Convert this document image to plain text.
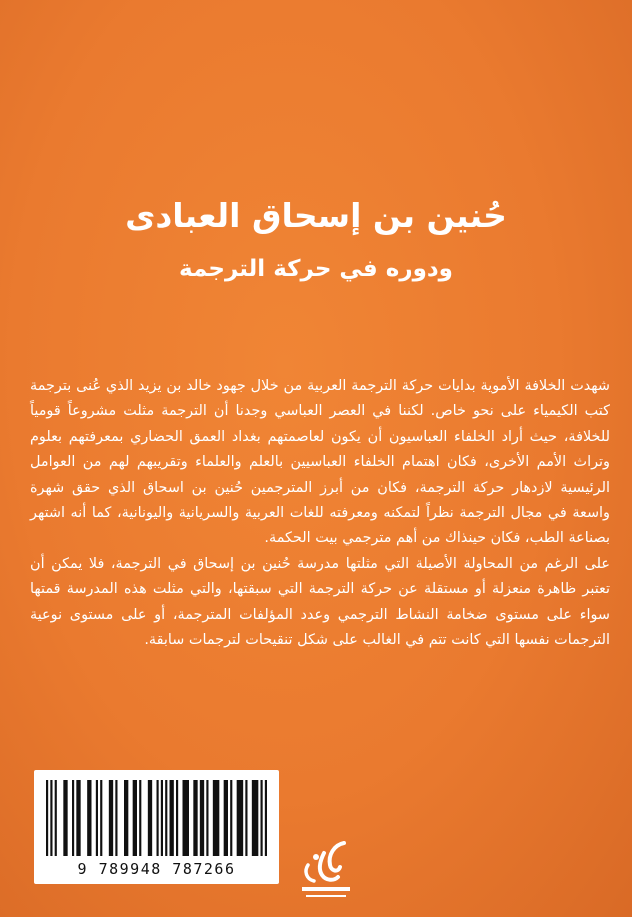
حُنين بن إسحاق العبادى
ودوره في حركة الترجمة

شهدت الخلافة الأموية بدايات حركة الترجمة العربية من خلال جهود خالد بن يزيد الذي عُنى بترجمة كتب الكيمياء على نحو خاص. لكننا في العصر العباسي وجدنا أن الترجمة مثلت مشروعاً قومياً للخلافة، حيث أراد الخلفاء العباسيون أن يكون لعاصمتهم بغداد العمق الحضاري بمعرفتهم بعلوم وتراث الأمم الأخرى، فكان اهتمام الخلفاء العباسيين بالعلم والعلماء وتقريبهم لهم من العوامل الرئيسية لازدهار حركة الترجمة، فكان من أبرز المترجمين حُنين بن اسحاق الذي حقق شهرة واسعة في مجال الترجمة نظراً لتمكنه ومعرفته للغات العربية والسريانية واليونانية، كما أنه اشتهر بصناعة الطب، فكان حينذاك من أهم مترجمي بيت الحكمة.

على الرغم من المحاولة الأصيلة التي مثلتها مدرسة حُنين بن إسحاق في الترجمة، فلا يمكن أن تعتبر ظاهرة منعزلة أو مستقلة عن حركة الترجمة التي سبقتها، والتي مثلت هذه المدرسة قمتها سواء على مستوى ضخامة النشاط الترجمي وعدد المؤلفات المترجمة، أو على مستوى نوعية الترجمات نفسها التي كانت تتم في الغالب على شكل تنقيحات لترجمات سابقة.

9 789948 787266
